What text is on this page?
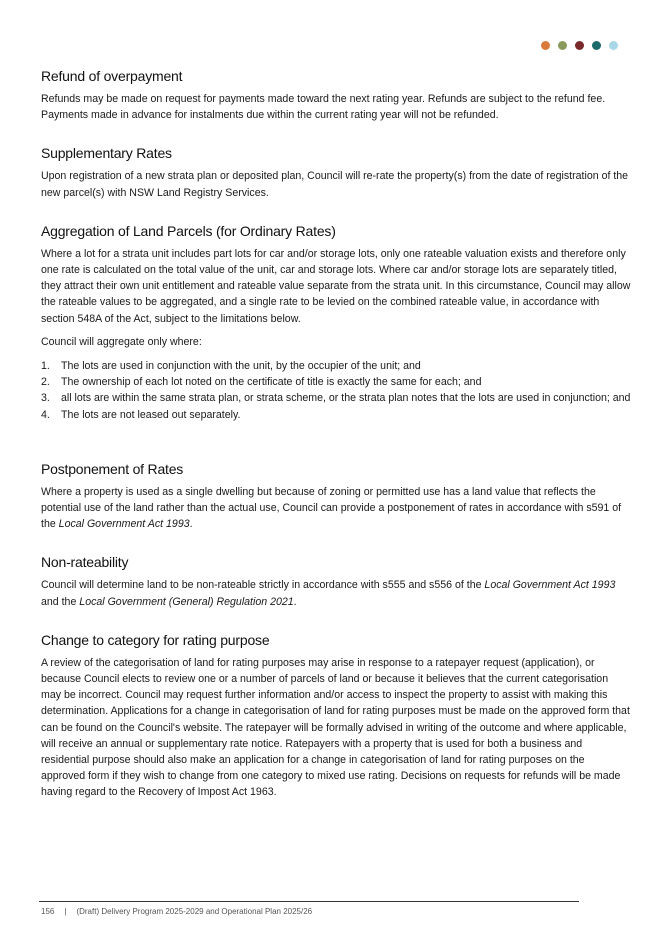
Refund of overpayment

Refunds may be made on request for payments made toward the next rating year. Refunds are subject to the refund fee. Payments made in advance for instalments due within the current rating year will not be refunded.

Supplementary Rates

Upon registration of a new strata plan or deposited plan, Council will re-rate the property(s) from the date of registration of the new parcel(s) with NSW Land Registry Services.

Aggregation of Land Parcels (for Ordinary Rates)

Where a lot for a strata unit includes part lots for car and/or storage lots, only one rateable valuation exists and therefore only one rate is calculated on the total value of the unit, car and storage lots. Where car and/or storage lots are separately titled, they attract their own unit entitlement and rateable value separate from the strata unit. In this circumstance, Council may allow the rateable values to be aggregated, and a single rate to be levied on the combined rateable value, in accordance with section 548A of the Act, subject to the limitations below.

Council will aggregate only where:

1.	The lots are used in conjunction with the unit, by the occupier of the unit; and
2.	The ownership of each lot noted on the certificate of title is exactly the same for each; and
3.	all lots are within the same strata plan, or strata scheme, or the strata plan notes that the lots are used in conjunction; and
4.	The lots are not leased out separately.
Postponement of Rates

Where a property is used as a single dwelling but because of zoning or permitted use has a land value that reflects the potential use of the land rather than the actual use, Council can provide a postponement of rates in accordance with s591 of the Local Government Act 1993.

Non-rateability

Council will determine land to be non-rateable strictly in accordance with s555 and s556 of the Local Government Act 1993 and the Local Government (General) Regulation 2021.

Change to category for rating purpose

A review of the categorisation of land for rating purposes may arise in response to a ratepayer request (application), or because Council elects to review one or a number of parcels of land or because it believes that the current categorisation may be incorrect. Council may request further information and/or access to inspect the property to assist with making this determination. Applications for a change in categorisation of land for rating purposes must be made on the approved form that can be found on the Council's website. The ratepayer will be formally advised in writing of the outcome and where applicable, will receive an annual or supplementary rate notice. Ratepayers with a property that is used for both a business and residential purpose should also make an application for a change in categorisation of land for rating purposes on the approved form if they wish to change from one category to mixed use rating. Decisions on requests for refunds will be made having regard to the Recovery of Impost Act 1963.

156 | (Draft) Delivery Program 2025-2029 and Operational Plan 2025/26
